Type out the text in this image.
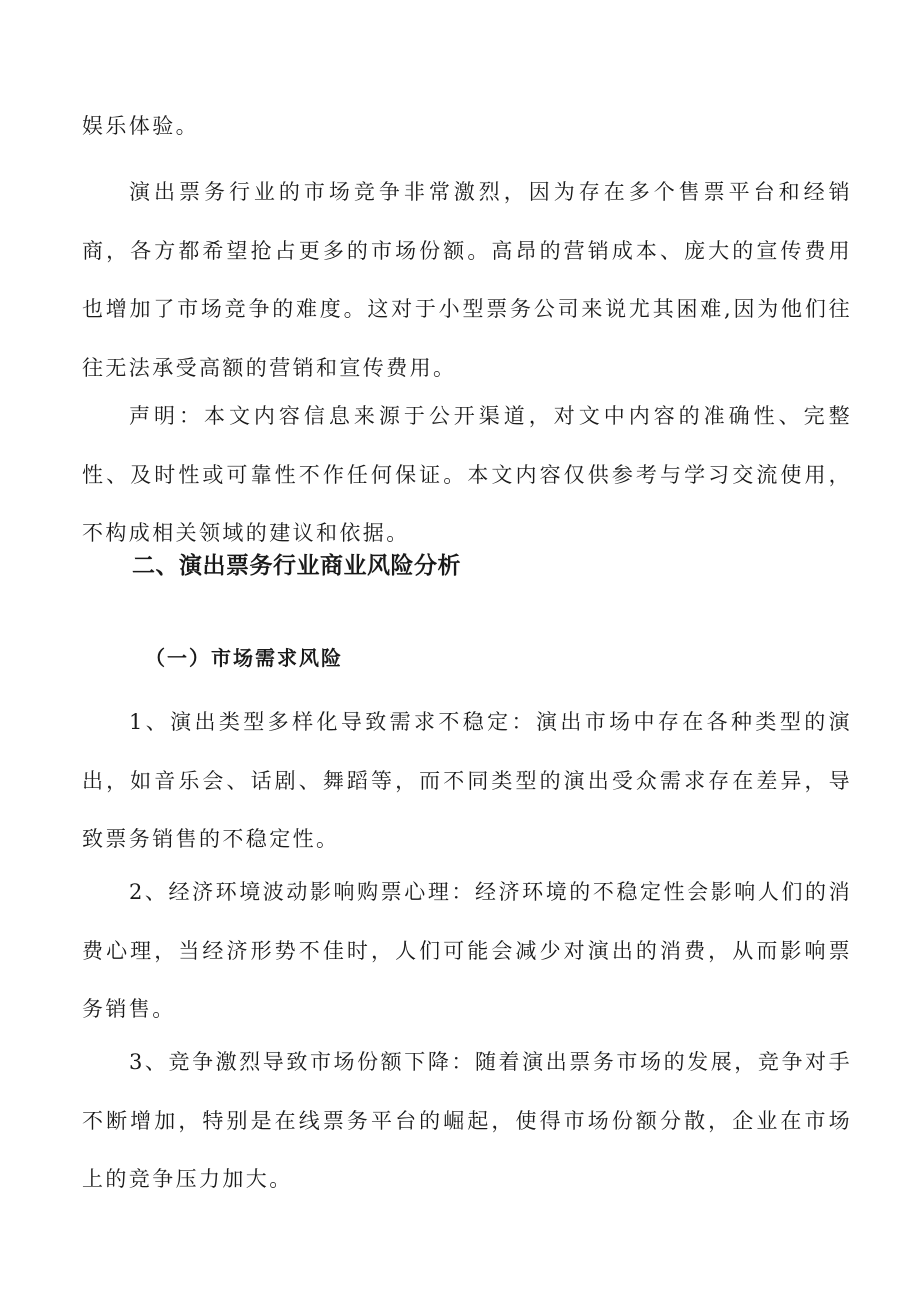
娱乐体验。

演出票务行业的市场竞争非常激烈，因为存在多个售票平台和经销商，各方都希望抢占更多的市场份额。高昂的营销成本、庞大的宣传费用也增加了市场竞争的难度。这对于小型票务公司来说尤其困难,因为他们往往无法承受高额的营销和宣传费用。

声明：本文内容信息来源于公开渠道，对文中内容的准确性、完整性、及时性或可靠性不作任何保证。本文内容仅供参考与学习交流使用，不构成相关领域的建议和依据。

二、演出票务行业商业风险分析
（一）市场需求风险

1、演出类型多样化导致需求不稳定：演出市场中存在各种类型的演出，如音乐会、话剧、舞蹈等，而不同类型的演出受众需求存在差异，导致票务销售的不稳定性。

2、经济环境波动影响购票心理：经济环境的不稳定性会影响人们的消费心理，当经济形势不佳时，人们可能会减少对演出的消费，从而影响票务销售。

3、竞争激烈导致市场份额下降：随着演出票务市场的发展，竞争对手不断增加，特别是在线票务平台的崛起，使得市场份额分散，企业在市场上的竞争压力加大。
